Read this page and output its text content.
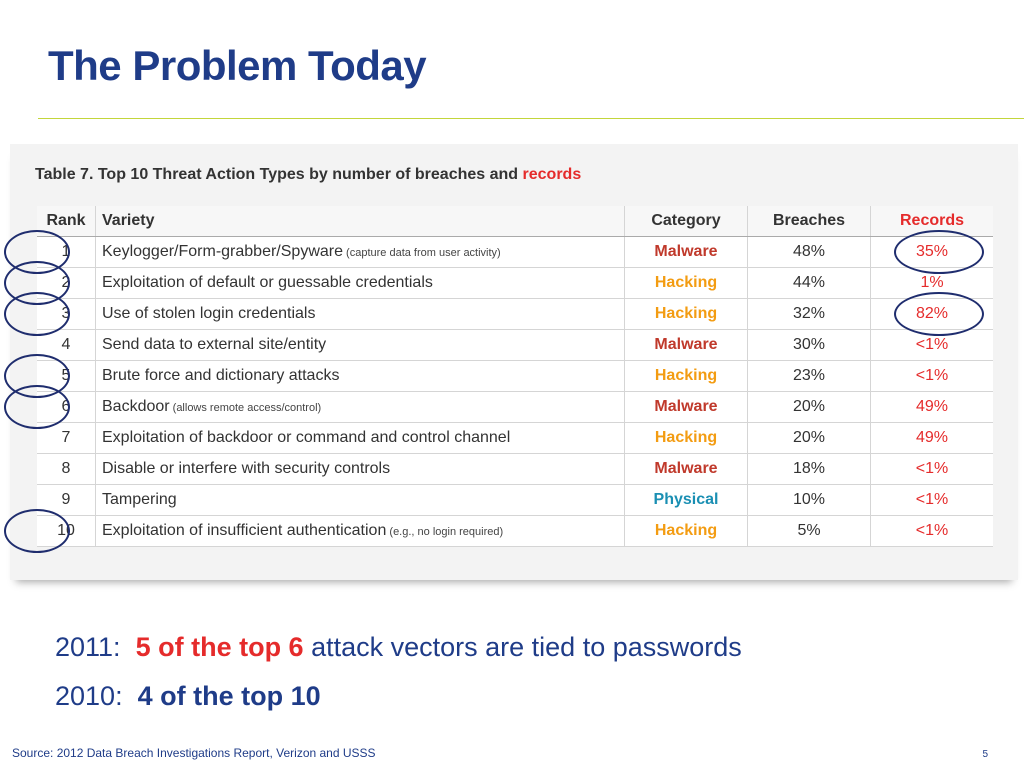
The Problem Today
Table 7. Top 10 Threat Action Types by number of breaches and records
Rank	Variety	Category	Breaches	Records
1	Keylogger/Form-grabber/Spyware (capture data from user activity)	Malware	48%	35%
2	Exploitation of default or guessable credentials	Hacking	44%	1%
3	Use of stolen login credentials	Hacking	32%	82%
4	Send data to external site/entity	Malware	30%	<1%
5	Brute force and dictionary attacks	Hacking	23%	<1%
6	Backdoor (allows remote access/control)	Malware	20%	49%
7	Exploitation of backdoor or command and control channel	Hacking	20%	49%
8	Disable or interfere with security controls	Malware	18%	<1%
9	Tampering	Physical	10%	<1%
10	Exploitation of insufficient authentication (e.g., no login required)	Hacking	5%	<1%
2011: 5 of the top 6 attack vectors are tied to passwords
2010: 4 of the top 10
Source: 2012 Data Breach Investigations Report, Verizon and USSS	5
